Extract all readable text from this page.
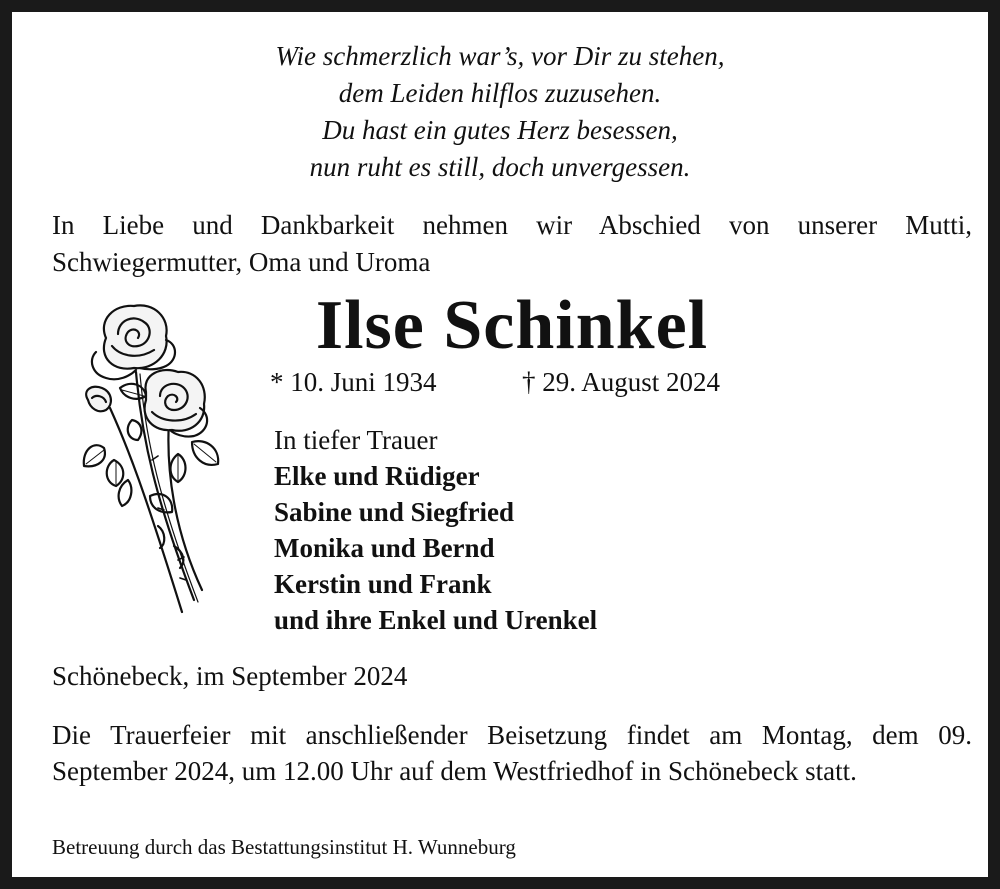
Wie schmerzlich war’s, vor Dir zu stehen,
dem Leiden hilflos zuzusehen.
Du hast ein gutes Herz besessen,
nun ruht es still, doch unvergessen.
In Liebe und Dankbarkeit nehmen wir Abschied von unserer Mutti, Schwiegermutter, Oma und Uroma
Ilse Schinkel
* 10. Juni 1934	† 29. August 2024
In tiefer Trauer
Elke und Rüdiger
Sabine und Siegfried
Monika und Bernd
Kerstin und Frank
und ihre Enkel und Urenkel
Schönebeck, im September 2024
Die Trauerfeier mit anschließender Beisetzung findet am Montag, dem 09. September 2024, um 12.00 Uhr auf dem Westfriedhof in Schönebeck statt.
Betreuung durch das Bestattungsinstitut H. Wunneburg
